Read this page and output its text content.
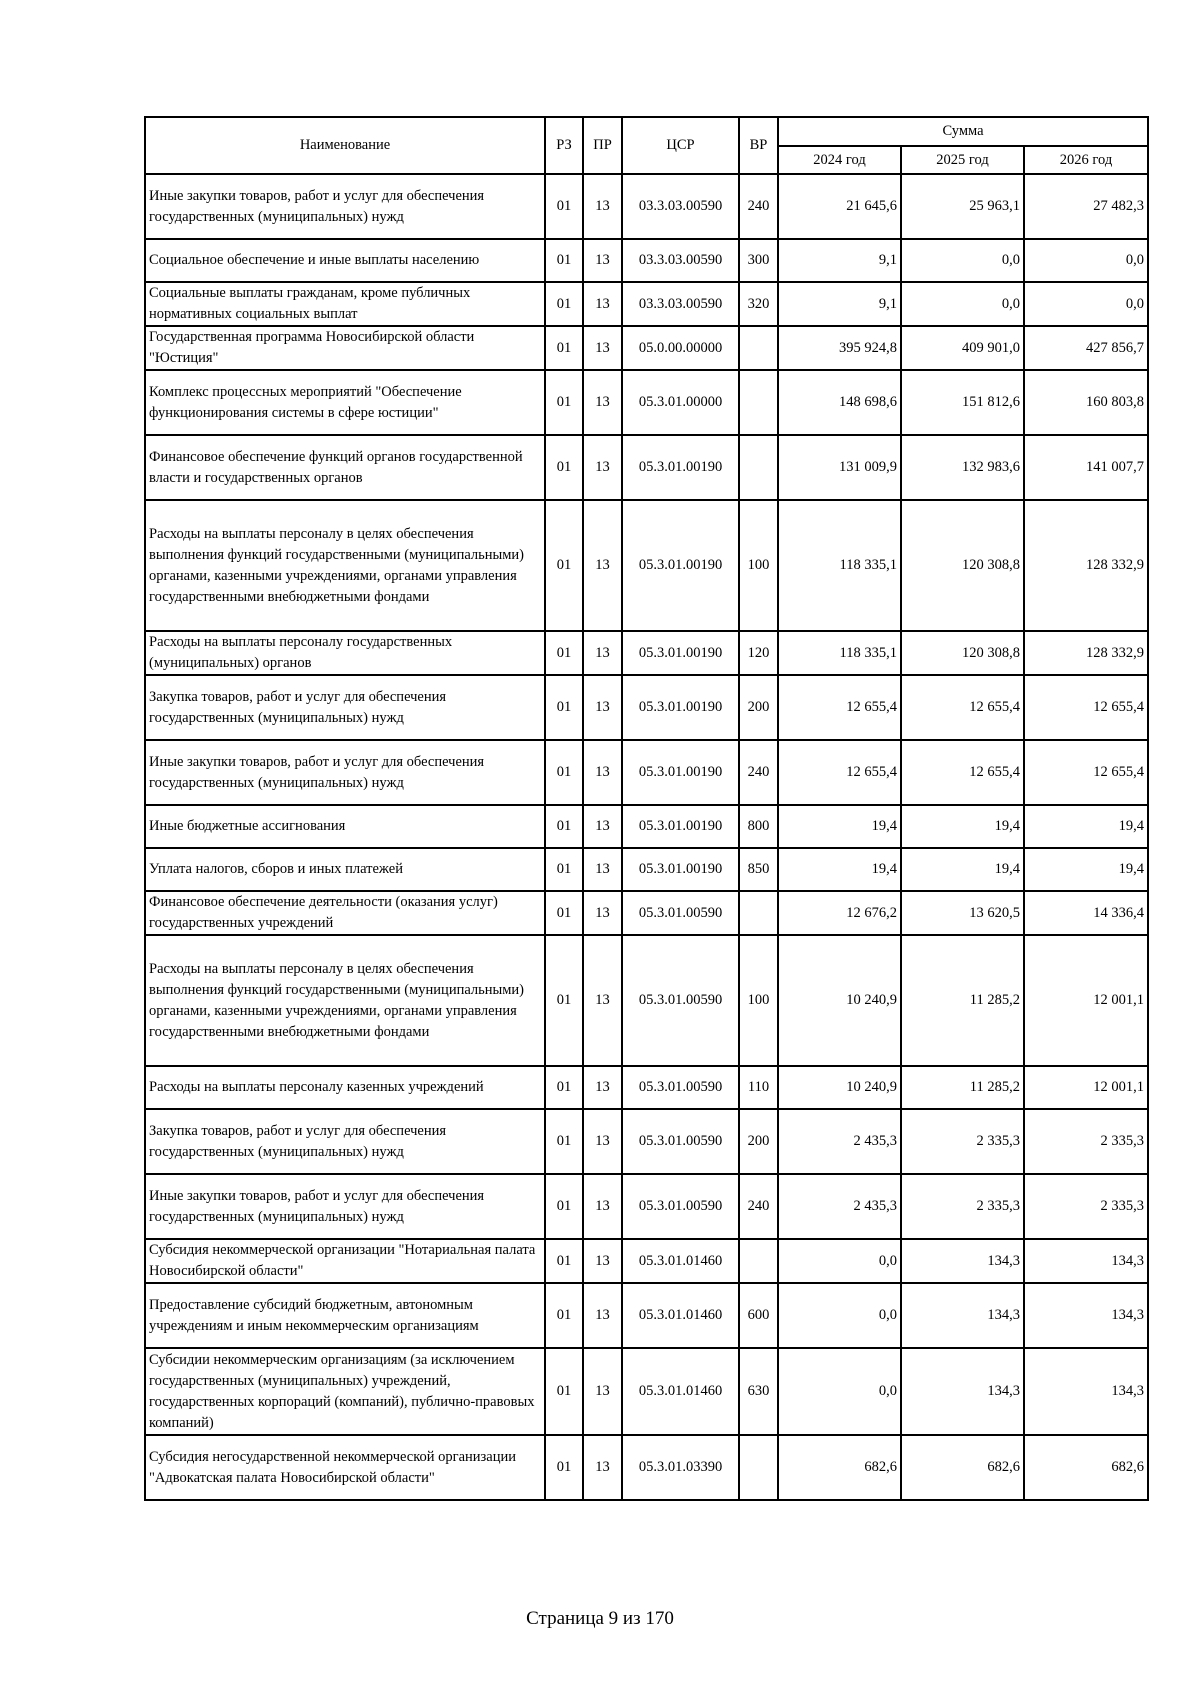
Наименование	РЗ	ПР	ЦСР	ВР	Сумма		
					2024 год	2025 год	2026 год
Иные закупки товаров, работ и услуг для обеспечения государственных (муниципальных) нужд	01	13	03.3.03.00590	240	21 645,6	25 963,1	27 482,3
Социальное обеспечение и иные выплаты населению	01	13	03.3.03.00590	300	9,1	0,0	0,0
Социальные выплаты гражданам, кроме публичных нормативных социальных выплат	01	13	03.3.03.00590	320	9,1	0,0	0,0
Государственная программа Новосибирской области "Юстиция"	01	13	05.0.00.00000		395 924,8	409 901,0	427 856,7
Комплекс процессных мероприятий "Обеспечение функционирования системы в сфере юстиции"	01	13	05.3.01.00000		148 698,6	151 812,6	160 803,8
Финансовое обеспечение функций органов государственной власти и государственных органов	01	13	05.3.01.00190		131 009,9	132 983,6	141 007,7
Расходы на выплаты персоналу в целях обеспечения выполнения функций государственными (муниципальными) органами, казенными учреждениями, органами управления государственными внебюджетными фондами	01	13	05.3.01.00190	100	118 335,1	120 308,8	128 332,9
Расходы на выплаты персоналу государственных (муниципальных) органов	01	13	05.3.01.00190	120	118 335,1	120 308,8	128 332,9
Закупка товаров, работ и услуг для обеспечения государственных (муниципальных) нужд	01	13	05.3.01.00190	200	12 655,4	12 655,4	12 655,4
Иные закупки товаров, работ и услуг для обеспечения государственных (муниципальных) нужд	01	13	05.3.01.00190	240	12 655,4	12 655,4	12 655,4
Иные бюджетные ассигнования	01	13	05.3.01.00190	800	19,4	19,4	19,4
Уплата налогов, сборов и иных платежей	01	13	05.3.01.00190	850	19,4	19,4	19,4
Финансовое обеспечение деятельности (оказания услуг) государственных учреждений	01	13	05.3.01.00590		12 676,2	13 620,5	14 336,4
Расходы на выплаты персоналу в целях обеспечения выполнения функций государственными (муниципальными) органами, казенными учреждениями, органами управления государственными внебюджетными фондами	01	13	05.3.01.00590	100	10 240,9	11 285,2	12 001,1
Расходы на выплаты персоналу казенных учреждений	01	13	05.3.01.00590	110	10 240,9	11 285,2	12 001,1
Закупка товаров, работ и услуг для обеспечения государственных (муниципальных) нужд	01	13	05.3.01.00590	200	2 435,3	2 335,3	2 335,3
Иные закупки товаров, работ и услуг для обеспечения государственных (муниципальных) нужд	01	13	05.3.01.00590	240	2 435,3	2 335,3	2 335,3
Субсидия некоммерческой организации "Нотариальная палата Новосибирской области"	01	13	05.3.01.01460		0,0	134,3	134,3
Предоставление субсидий бюджетным, автономным учреждениям и иным некоммерческим организациям	01	13	05.3.01.01460	600	0,0	134,3	134,3
Субсидии некоммерческим организациям (за исключением государственных (муниципальных) учреждений, государственных корпораций (компаний), публично-правовых компаний)	01	13	05.3.01.01460	630	0,0	134,3	134,3
Субсидия негосударственной некоммерческой организации "Адвокатская палата Новосибирской области"	01	13	05.3.01.03390		682,6	682,6	682,6
Страница 9 из 170
